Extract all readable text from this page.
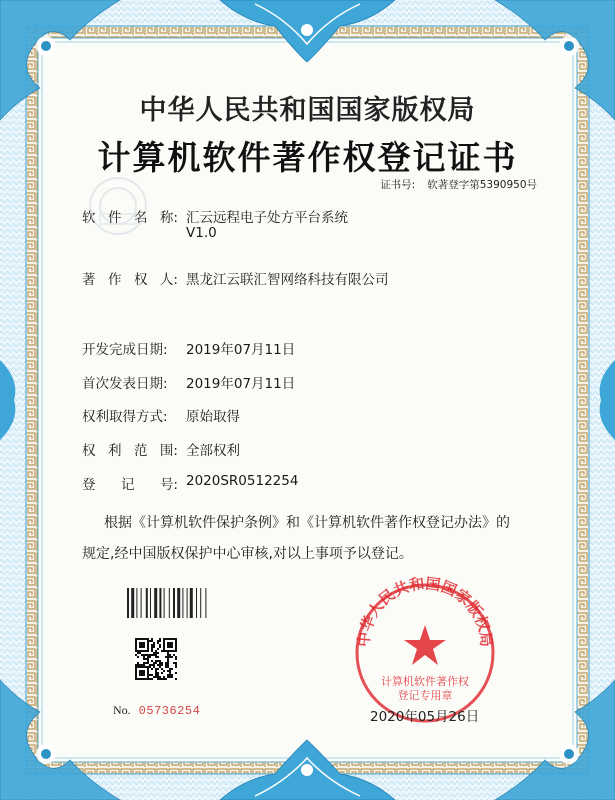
中华人民共和国国家版权局
计算机软件著作权登记证书
证书号: 软著登字第5390950号
软 件 名 称: 汇云远程电子处方平台系统
V1.0
著 作 权 人: 黑龙江云联汇智网络科技有限公司
开发完成日期:	2019年07月11日
首次发表日期:	2019年07月11日
权利取得方式:	原始取得
权 利 范 围: 全部权利
登 记 号: 2020SR0512254
根据《计算机软件保护条例》和《计算机软件著作权登记办法》的
规定,经中国版权保护中心审核,对以上事项予以登记。
No. 05736254
中华人民共和国国家版权局
计算机软件著作权
登记专用章
2020年05月26日
